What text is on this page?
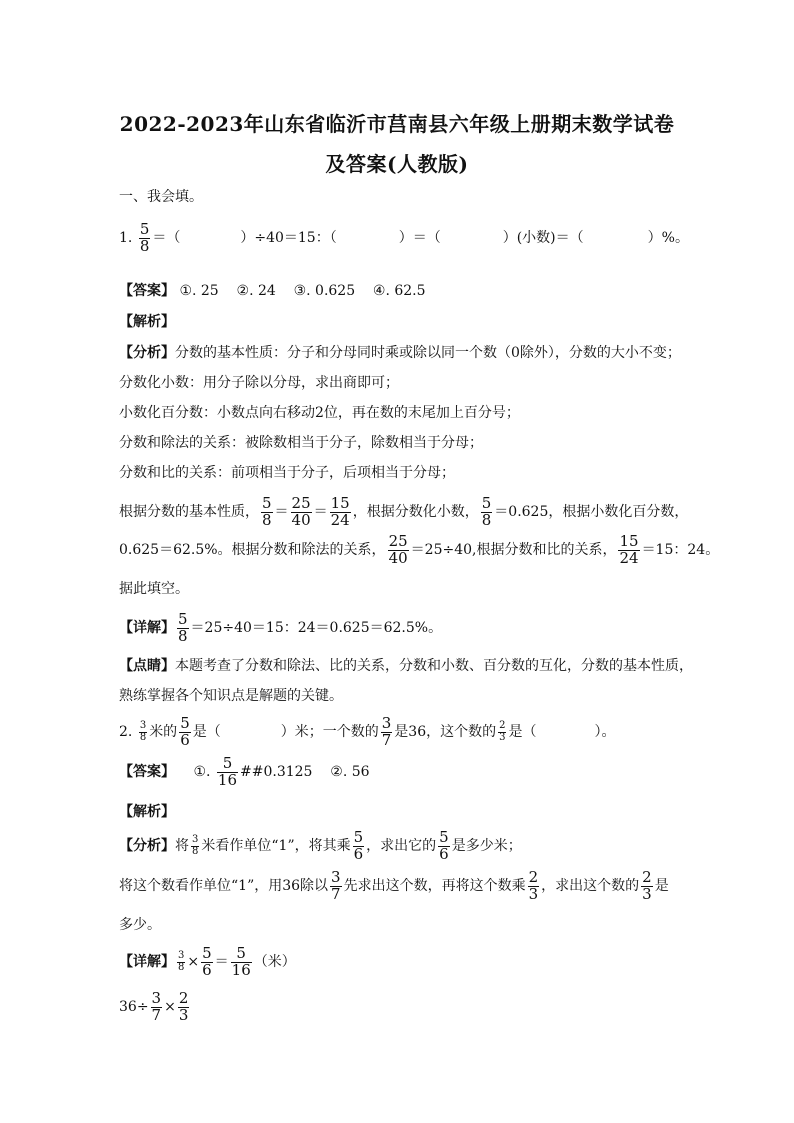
2022-2023年山东省临沂市莒南县六年级上册期末数学试卷
及答案(人教版)
一、我会填。
1. $\frac{5}{8}$ ＝（	）÷40＝15：（	）＝（	）(小数)＝（	）%。
【答案】 ①. 25    ②. 24    ③. 0.625    ④. 62.5
【解析】
【分析】分数的基本性质：分子和分母同时乘或除以同一个数（0除外），分数的大小不变；
分数化小数：用分子除以分母，求出商即可；
小数化百分数：小数点向右移动2位，再在数的末尾加上百分号；
分数和除法的关系：被除数相当于分子，除数相当于分母；
分数和比的关系：前项相当于分子，后项相当于分母；
根据分数的基本性质， $\frac{5}{8} = \frac{25}{40} = \frac{15}{24}$ ，根据分数化小数， $\frac{5}{8} =0.625$，根据小数化百分数，
0.625＝62.5%。根据分数和除法的关系， $\frac{25}{40} =25\div 40$,根据分数和比的关系， $\frac{15}{24} =15$：24。
据此填空。
【详解】 $\frac{5}{8} =25\div 40=15$：24＝0.625＝62.5%。
【点睛】本题考查了分数和除法、比的关系，分数和小数、百分数的互化，分数的基本性质，
熟练掌握各个知识点是解题的关键。
2. $\frac{3}{8}$ 米的 $\frac{5}{6}$ 是（	）米；一个数的 $\frac{3}{7}$ 是36，这个数的 $\frac{2}{3}$ 是（	）。
【答案】 ①. $\frac{5}{16}$ ##0.3125    ②. 56
【解析】
【分析】将 $\frac{3}{8}$ 米看作单位“1”，将其乘 $\frac{5}{6}$ ，求出它的 $\frac{5}{6}$ 是多少米；
将这个数看作单位“1”，用36除以 $\frac{3}{7}$ 先求出这个数，再将这个数乘 $\frac{2}{3}$ ，求出这个数的 $\frac{2}{3}$ 是
多少。
【详解】 $\frac{3}{8} \times \frac{5}{6} = \frac{5}{16}$ （米）
$36\div \frac{3}{7} \times \frac{2}{3}$
